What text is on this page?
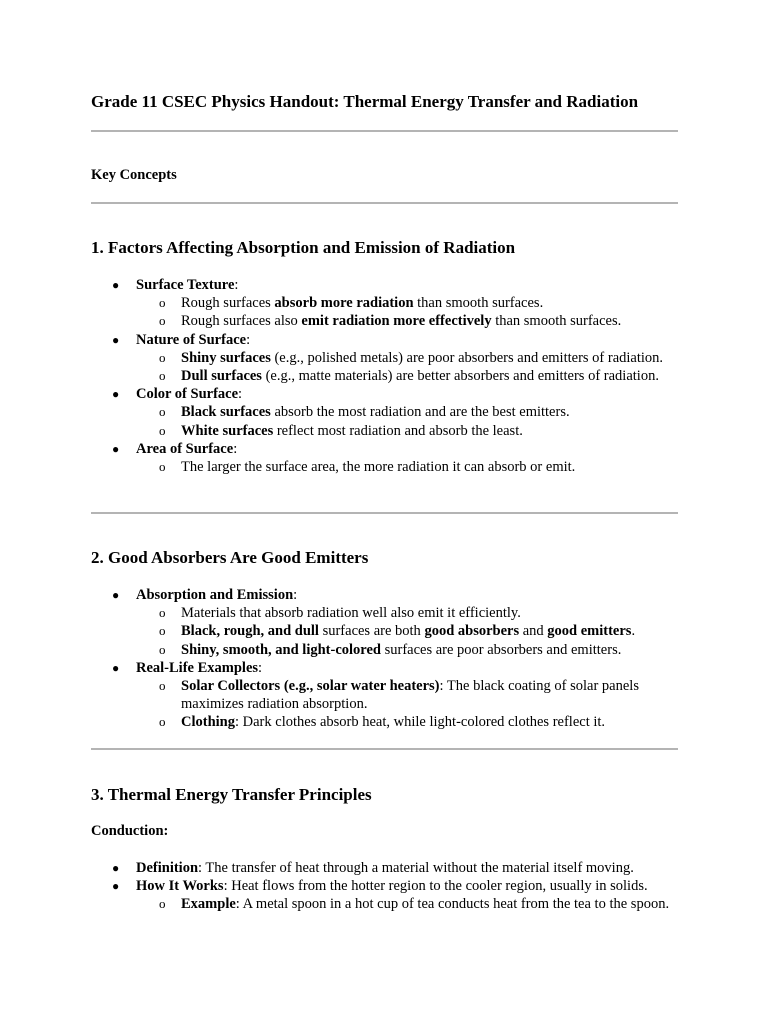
Grade 11 CSEC Physics Handout: Thermal Energy Transfer and Radiation
Key Concepts
1. Factors Affecting Absorption and Emission of Radiation
● Surface Texture:
o Rough surfaces absorb more radiation than smooth surfaces.
o Rough surfaces also emit radiation more effectively than smooth surfaces.
● Nature of Surface:
o Shiny surfaces (e.g., polished metals) are poor absorbers and emitters of radiation.
o Dull surfaces (e.g., matte materials) are better absorbers and emitters of radiation.
● Color of Surface:
o Black surfaces absorb the most radiation and are the best emitters.
o White surfaces reflect most radiation and absorb the least.
● Area of Surface:
o The larger the surface area, the more radiation it can absorb or emit.
2. Good Absorbers Are Good Emitters
● Absorption and Emission:
o Materials that absorb radiation well also emit it efficiently.
o Black, rough, and dull surfaces are both good absorbers and good emitters.
o Shiny, smooth, and light-colored surfaces are poor absorbers and emitters.
● Real-Life Examples:
o Solar Collectors (e.g., solar water heaters): The black coating of solar panels maximizes radiation absorption.
o Clothing: Dark clothes absorb heat, while light-colored clothes reflect it.
3. Thermal Energy Transfer Principles
Conduction:
● Definition: The transfer of heat through a material without the material itself moving.
● How It Works: Heat flows from the hotter region to the cooler region, usually in solids.
o Example: A metal spoon in a hot cup of tea conducts heat from the tea to the spoon.
